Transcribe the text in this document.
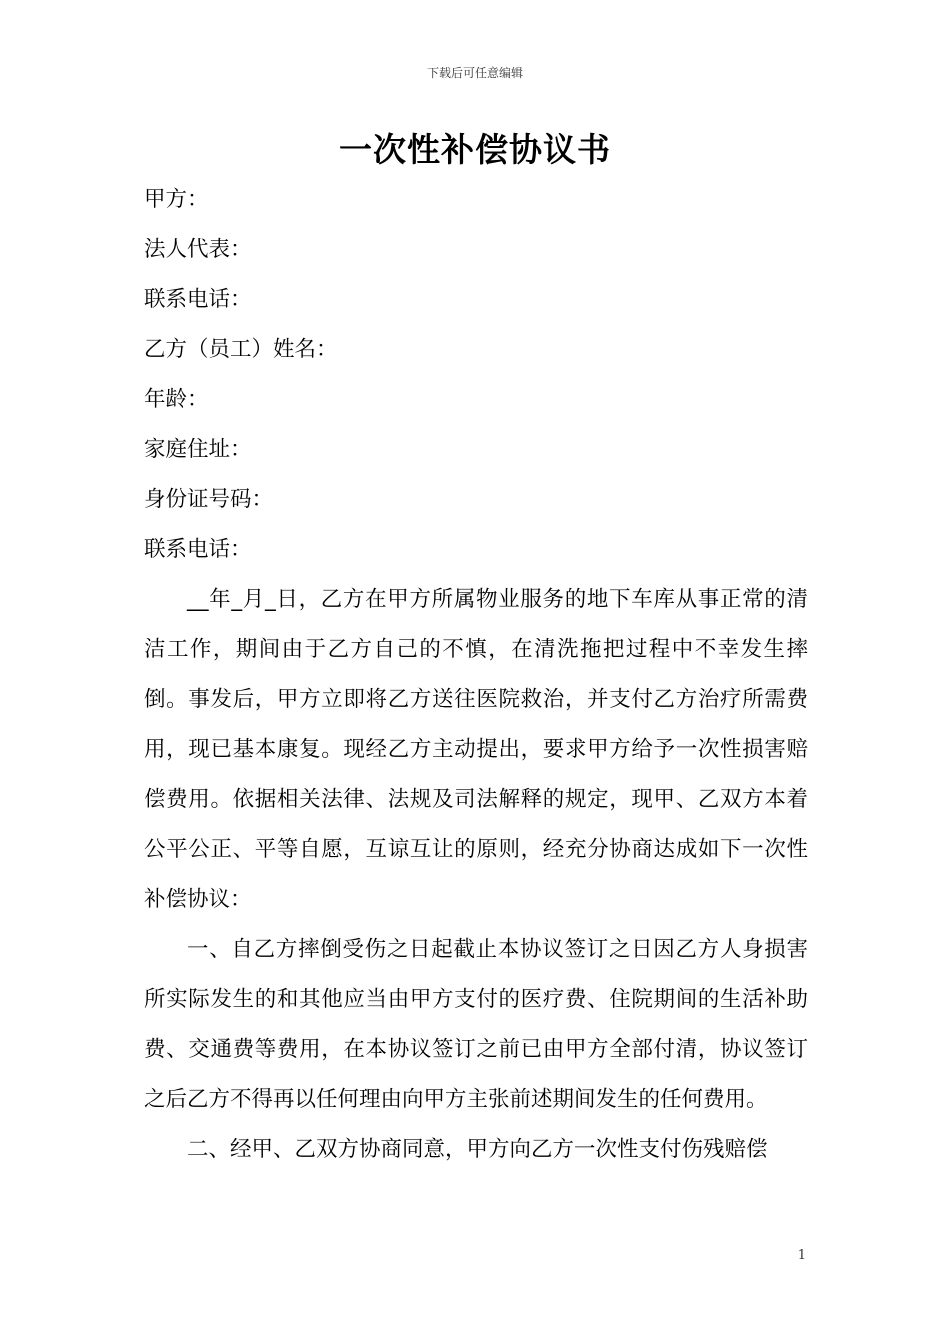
下载后可任意编辑
一次性补偿协议书

甲方：

法人代表：

联系电话：

乙方（员工）姓名：

年龄：

家庭住址：

身份证号码：

联系电话：

__年_月_日，乙方在甲方所属物业服务的地下车库从事正常的清洁工作，期间由于乙方自己的不慎，在清洗拖把过程中不幸发生摔倒。事发后，甲方立即将乙方送往医院救治，并支付乙方治疗所需费用，现已基本康复。现经乙方主动提出，要求甲方给予一次性损害赔偿费用。依据相关法律、法规及司法解释的规定，现甲、乙双方本着公平公正、平等自愿，互谅互让的原则，经充分协商达成如下一次性补偿协议：

一、自乙方摔倒受伤之日起截止本协议签订之日因乙方人身损害所实际发生的和其他应当由甲方支付的医疗费、住院期间的生活补助费、交通费等费用，在本协议签订之前已由甲方全部付清，协议签订之后乙方不得再以任何理由向甲方主张前述期间发生的任何费用。

二、经甲、乙双方协商同意，甲方向乙方一次性支付伤残赔偿

1
